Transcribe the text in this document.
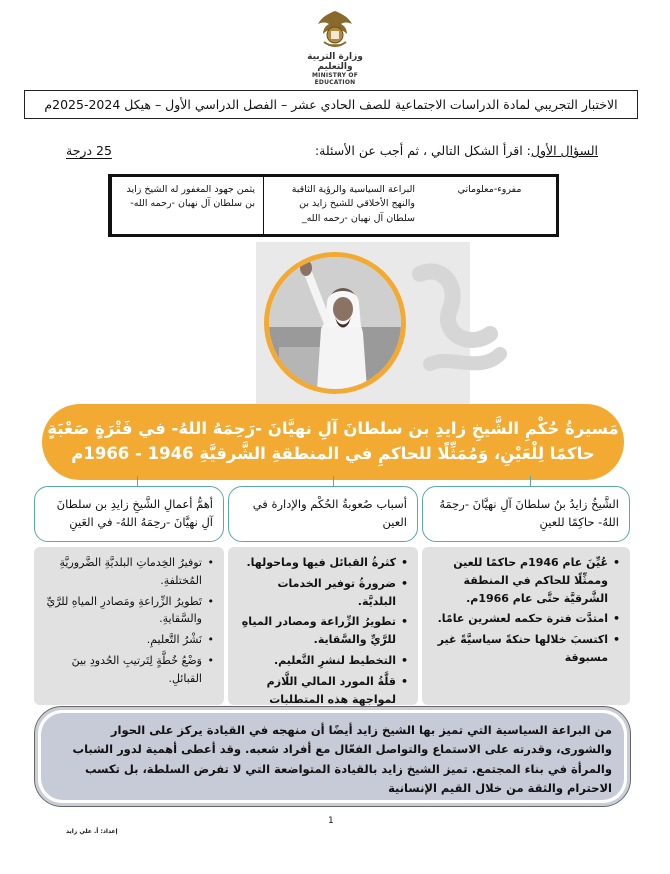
وزارة التربية والتعليم
MINISTRY OF EDUCATION
الاختبار التجريبي لمادة الدراسات الاجتماعية للصف الحادي عشر – الفصل الدراسي الأول – هيكل 2024-2025م
السؤال الأول: اقرأ الشكل التالي ، ثم أجب عن الأسئلة:
25 درجة
يثمن جهود المغفور له الشيخ زايد بن سلطان آل نهيان -رحمه الله-
البراعة السياسية والرؤية الثاقبة والنهج الأخلاقي للشيخ زايد بن سلطان آل نهيان -رحمه الله_
مفروء-معلوماتي
مَسيرةُ حُكْمِ الشَّيخِ زايدِ بن سلطانَ آلِ نهيَّانَ -رَحِمَهُ اللهُ- في فَتْرَةٍ صَعْبَةٍ
حاكمًا لِلْعَيْنِ، وَمُمَثِّلًا للحاكمِ في المنطقةِ الشَّرقيَّةِ 1946 - 1966م
الشَّيخُ زايدُ بنُ سلطانَ آلِ نهيَّانَ -رحِمَهُ اللهُ- حاكِمًا للعينِ
أسباب صُعوبةُ الحُكْم والإدارة في العين
أهمُّ أعمالِ الشَّيخِ زايدِ بن سلطانَ آلِ نهيَّانَ -رحِمَهُ اللهُ- في العَينِ
• عُيِّنَ عام 1946م حاكمًا للعين وممثِّلًا للحاكم في المنطقة الشَّرقيَّة حتَّى عام 1966م.
• امتدَّت فترة حكمه لعشرين عامًا.
• اكتسبَ خلالها حنكةً سياسيَّةً غير مسبوقة
• كثرةُ القبائل فيها وماحولها.
• ضرورةُ توفير الخدمات البلديَّة.
• تطويرُ الزِّراعة ومصادر المياهِ للرَّيِّ والسَّقاية.
• التخطيط لنشرِ التَّعليم.
• قلَّةُ المورد المالي اللَّازم لمواجهة هذه المتطلبات
• توفيرُ الخِدماتِ البلديَّةِ الضَّروريَّةِ المُختلفةِ.
• تَطويرُ الزِّراعةِ ومَصادرِ المياهِ للرَّيِّ والسَّقايةِ.
• نَشْرُ التَّعليمِ.
• وَضْعُ خُطَّةٍ لِتَرتيبِ الحُدودِ بينَ القبائلِ.
من البراعة السياسية التي تميز بها الشيخ زايد أيضًا أن منهجه في القيادة يركز على الحوار والشورى، وقدرته على الاستماع والتواصل الفعّال مع أفراد شعبه. وقد أعطى أهمية لدور الشباب والمرأة في بناء المجتمع. تميز الشيخ زايد بالقيادة المتواضعة التي لا تفرض السلطة، بل تكسب الاحترام والثقة من خلال القيم الإنسانية
1
إعداد: أ. علي زايد
